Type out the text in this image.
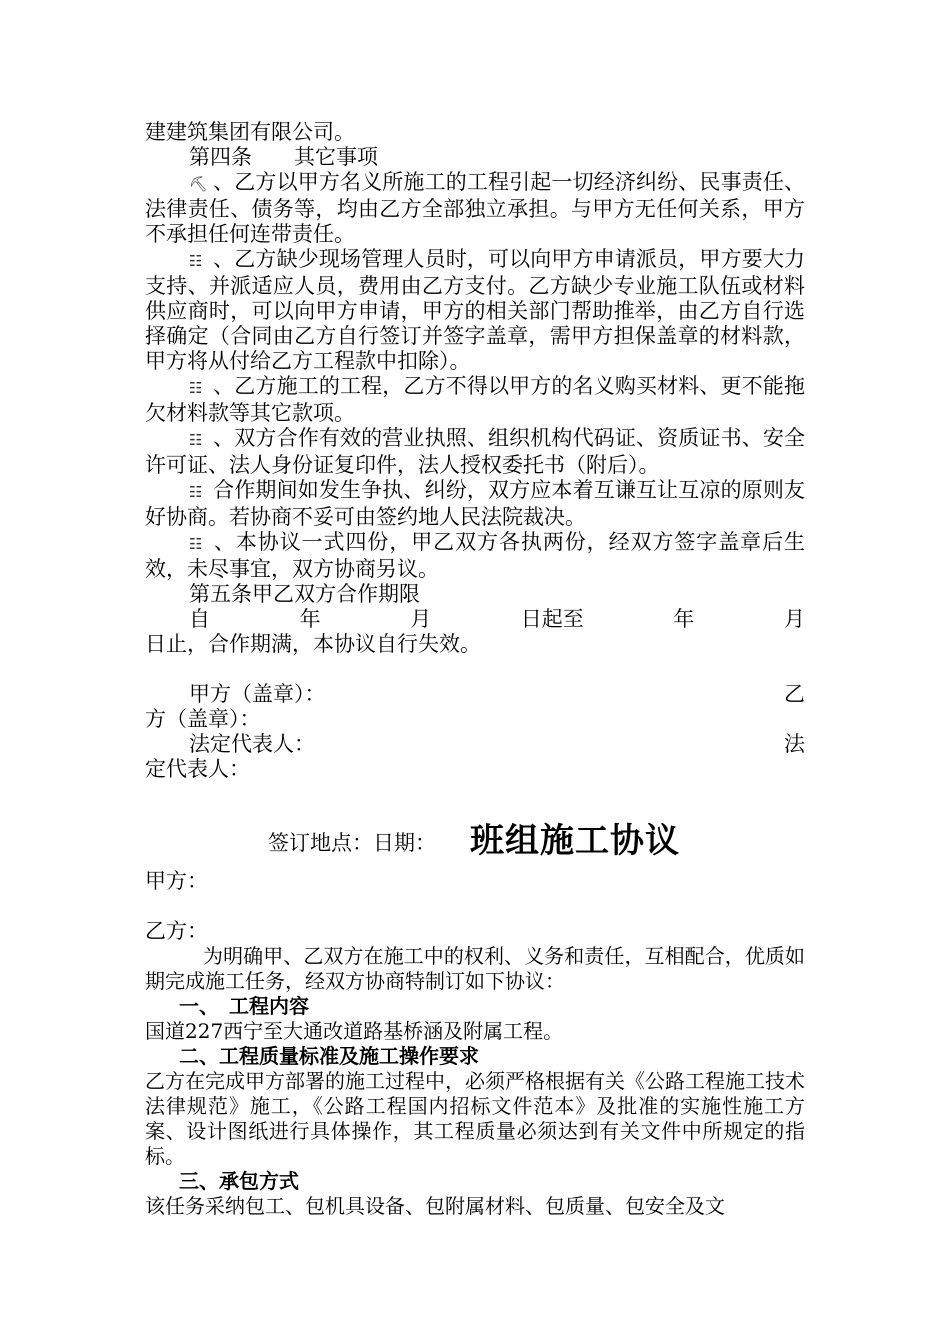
建建筑集团有限公司。

第四条　　其它事项

⛏ 、乙方以甲方名义所施工的工程引起一切经济纠纷、民事责任、法律责任、债务等，均由乙方全部独立承担。与甲方无任何关系，甲方不承担任何连带责任。

☷ 、乙方缺少现场管理人员时，可以向甲方申请派员，甲方要大力支持、并派适应人员，费用由乙方支付。乙方缺少专业施工队伍或材料供应商时，可以向甲方申请，甲方的相关部门帮助推举，由乙方自行选择确定（合同由乙方自行签订并签字盖章，需甲方担保盖章的材料款，甲方将从付给乙方工程款中扣除）。

☷ 、乙方施工的工程，乙方不得以甲方的名义购买材料、更不能拖欠材料款等其它款项。

☷ 、双方合作有效的营业执照、组织机构代码证、资质证书、安全许可证、法人身份证复印件，法人授权委托书（附后）。

☷ 合作期间如发生争执、纠纷，双方应本着互谦互让互凉的原则友好协商。若协商不妥可由签约地人民法院裁决。

☷ 、本协议一式四份，甲乙双方各执两份，经双方签字盖章后生效，未尽事宜，双方协商另议。

第五条甲乙双方合作期限

自	年	月	日起至	年	月

日止，合作期满，本协议自行失效。

甲方（盖章）：	乙

方（盖章）：

法定代表人：	法

定代表人：

签订地点：日期： 班组施工协议

甲方：

乙方：

为明确甲、乙双方在施工中的权利、义务和责任，互相配合，优质如期完成施工任务，经双方协商特制订如下协议：

一、　工程内容

国道227西宁至大通改道路基桥涵及附属工程。

二、工程质量标准及施工操作要求

乙方在完成甲方部署的施工过程中，必须严格根据有关《公路工程施工技术法律规范》施工，《公路工程国内招标文件范本》及批准的实施性施工方案、设计图纸进行具体操作，其工程质量必须达到有关文件中所规定的指标。

三、承包方式

该任务采纳包工、包机具设备、包附属材料、包质量、包安全及文
